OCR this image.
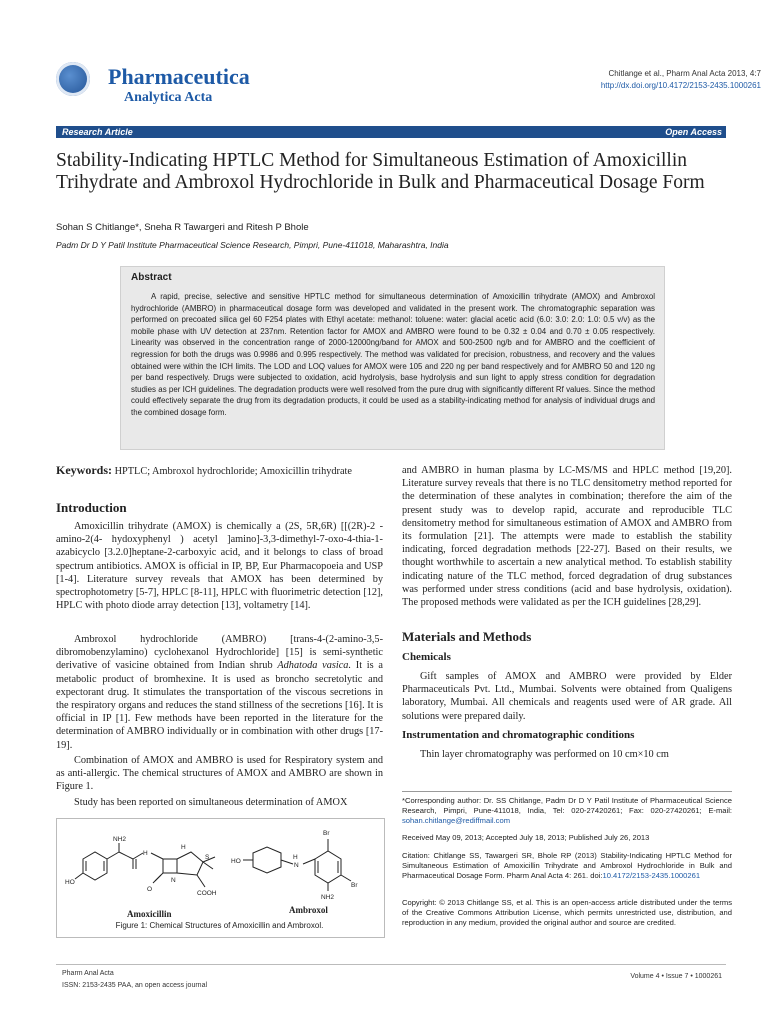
Pharmaceutica
Analytica Acta
Chitlange et al., Pharm Anal Acta 2013, 4:7
http://dx.doi.org/10.4172/2153-2435.1000261
Research Article	Open Access
Stability-Indicating HPTLC Method for Simultaneous Estimation of Amoxicillin Trihydrate and Ambroxol Hydrochloride in Bulk and Pharmaceutical Dosage Form
Sohan S Chitlange*, Sneha R Tawargeri and Ritesh P Bhole
Padm Dr D Y Patil Institute Pharmaceutical Science Research, Pimpri, Pune-411018, Maharashtra, India
Abstract
A rapid, precise, selective and sensitive HPTLC method for simultaneous determination of Amoxicillin trihydrate (AMOX) and Ambroxol hydrochloride (AMBRO) in pharmaceutical dosage form was developed and validated in the present work. The chromatographic separation was performed on precoated silica gel 60 F254 plates with Ethyl acetate: methanol: toluene: water: glacial acetic acid (6.0: 3.0: 2.0: 1.0: 0.5 v/v) as the mobile phase with UV detection at 237nm. Retention factor for AMOX and AMBRO were found to be 0.32 ± 0.04 and 0.70 ± 0.05 respectively. Linearity was observed in the concentration range of 2000-12000ng/band for AMOX and 500-2500 ng/b and for AMBRO and the coefficient of regression for both the drugs was 0.9986 and 0.995 respectively. The method was validated for precision, robustness, and recovery and the values obtained were within the ICH limits. The LOD and LOQ values for AMOX were 105 and 220 ng per band respectively and for AMBRO 50 and 120 ng per band respectively. Drugs were subjected to oxidation, acid hydrolysis, base hydrolysis and sun light to apply stress condition for degradation studies as per ICH guidelines. The degradation products were well resolved from the pure drug with significantly different Rf values. Since the method could effectively separate the drug from its degradation products, it could be used as a stability-indicating method for analysis of individual drugs and the combined dosage form.
Keywords: HPTLC; Ambroxol hydrochloride; Amoxicillin trihydrate
Introduction
Amoxicillin trihydrate (AMOX) is chemically a (2S, 5R,6R) [[(2R)-2 - amino-2(4- hydoxyphenyl ) acetyl ]amino]-3,3-dimethyl-7-oxo-4-thia-1-azabicyclo [3.2.0]heptane-2-carboxyic acid, and it belongs to class of broad spectrum antibiotics. AMOX is official in IP, BP, Eur Pharmacopoeia and USP [1-4]. Literature survey reveals that AMOX has been determined by spectrophotometry [5-7], HPLC [8-11], HPLC with fluorimetric detection [12], HPLC with photo diode array detection [13], voltametry [14].
Ambroxol hydrochloride (AMBRO) [trans-4-(2-amino-3,5-dibromobenzylamino) cyclohexanol Hydrochloride] [15] is semi-synthetic derivative of vasicine obtained from Indian shrub Adhatoda vasica. It is a metabolic product of bromhexine. It is used as broncho secretolytic and expectorant drug. It stimulates the transportation of the viscous secretions in the respiratory organs and reduces the stand stillness of the secretions [16]. It is official in IP [1]. Few methods have been reported in the literature for the determination of AMBRO individually or in combination with other drugs [17-19].
Combination of AMOX and AMBRO is used for Respiratory system and as anti-allergic. The chemical structures of AMOX and AMBRO are shown in Figure 1.
Study has been reported on simultaneous determination of AMOX
NH2
HO
H
H
S
N
O
COOH
Br
Br
HO
H
N
NH2
Amoxicillin	Ambroxol
Figure 1: Chemical Structures of Amoxicillin and Ambroxol.
and AMBRO in human plasma by LC-MS/MS and HPLC method [19,20]. Literature survey reveals that there is no TLC densitometry method reported for the determination of these analytes in combination; therefore the aim of the present study was to develop rapid, accurate and reproducible TLC densitometry method for simultaneous estimation of AMOX and AMBRO from its formulation [21]. The attempts were made to establish the stability indicating, forced degradation methods [22-27]. Based on their results, we thought worthwhile to ascertain a new analytical method. To establish stability indicating nature of the TLC method, forced degradation of drug substances was performed under stress conditions (acid and base hydrolysis, oxidation). The proposed methods were validated as per the ICH guidelines [28,29].
Materials and Methods
Chemicals
Gift samples of AMOX and AMBRO were provided by Elder Pharmaceuticals Pvt. Ltd., Mumbai. Solvents were obtained from Qualigens laboratory, Mumbai. All chemicals and reagents used were of AR grade. All solutions were prepared daily.
Instrumentation and chromatographic conditions
Thin layer chromatography was performed on 10 cm×10 cm
*Corresponding author: Dr. SS Chitlange, Padm Dr D Y Patil Institute of Pharmaceutical Science Research, Pimpri, Pune-411018, India, Tel: 020-27420261; Fax: 020-27420261; E-mail: sohan.chitlange@rediffmail.com
Received May 09, 2013; Accepted July 18, 2013; Published July 26, 2013
Citation: Chitlange SS, Tawargeri SR, Bhole RP (2013) Stability-Indicating HPTLC Method for Simultaneous Estimation of Amoxicillin Trihydrate and Ambroxol Hydrochloride in Bulk and Pharmaceutical Dosage Form. Pharm Anal Acta 4: 261. doi:10.4172/2153-2435.1000261
Copyright: © 2013 Chitlange SS, et al. This is an open-access article distributed under the terms of the Creative Commons Attribution License, which permits unrestricted use, distribution, and reproduction in any medium, provided the original author and source are credited.
Pharm Anal Acta
ISSN: 2153-2435 PAA, an open access journal
Volume 4 • Issue 7 • 1000261
